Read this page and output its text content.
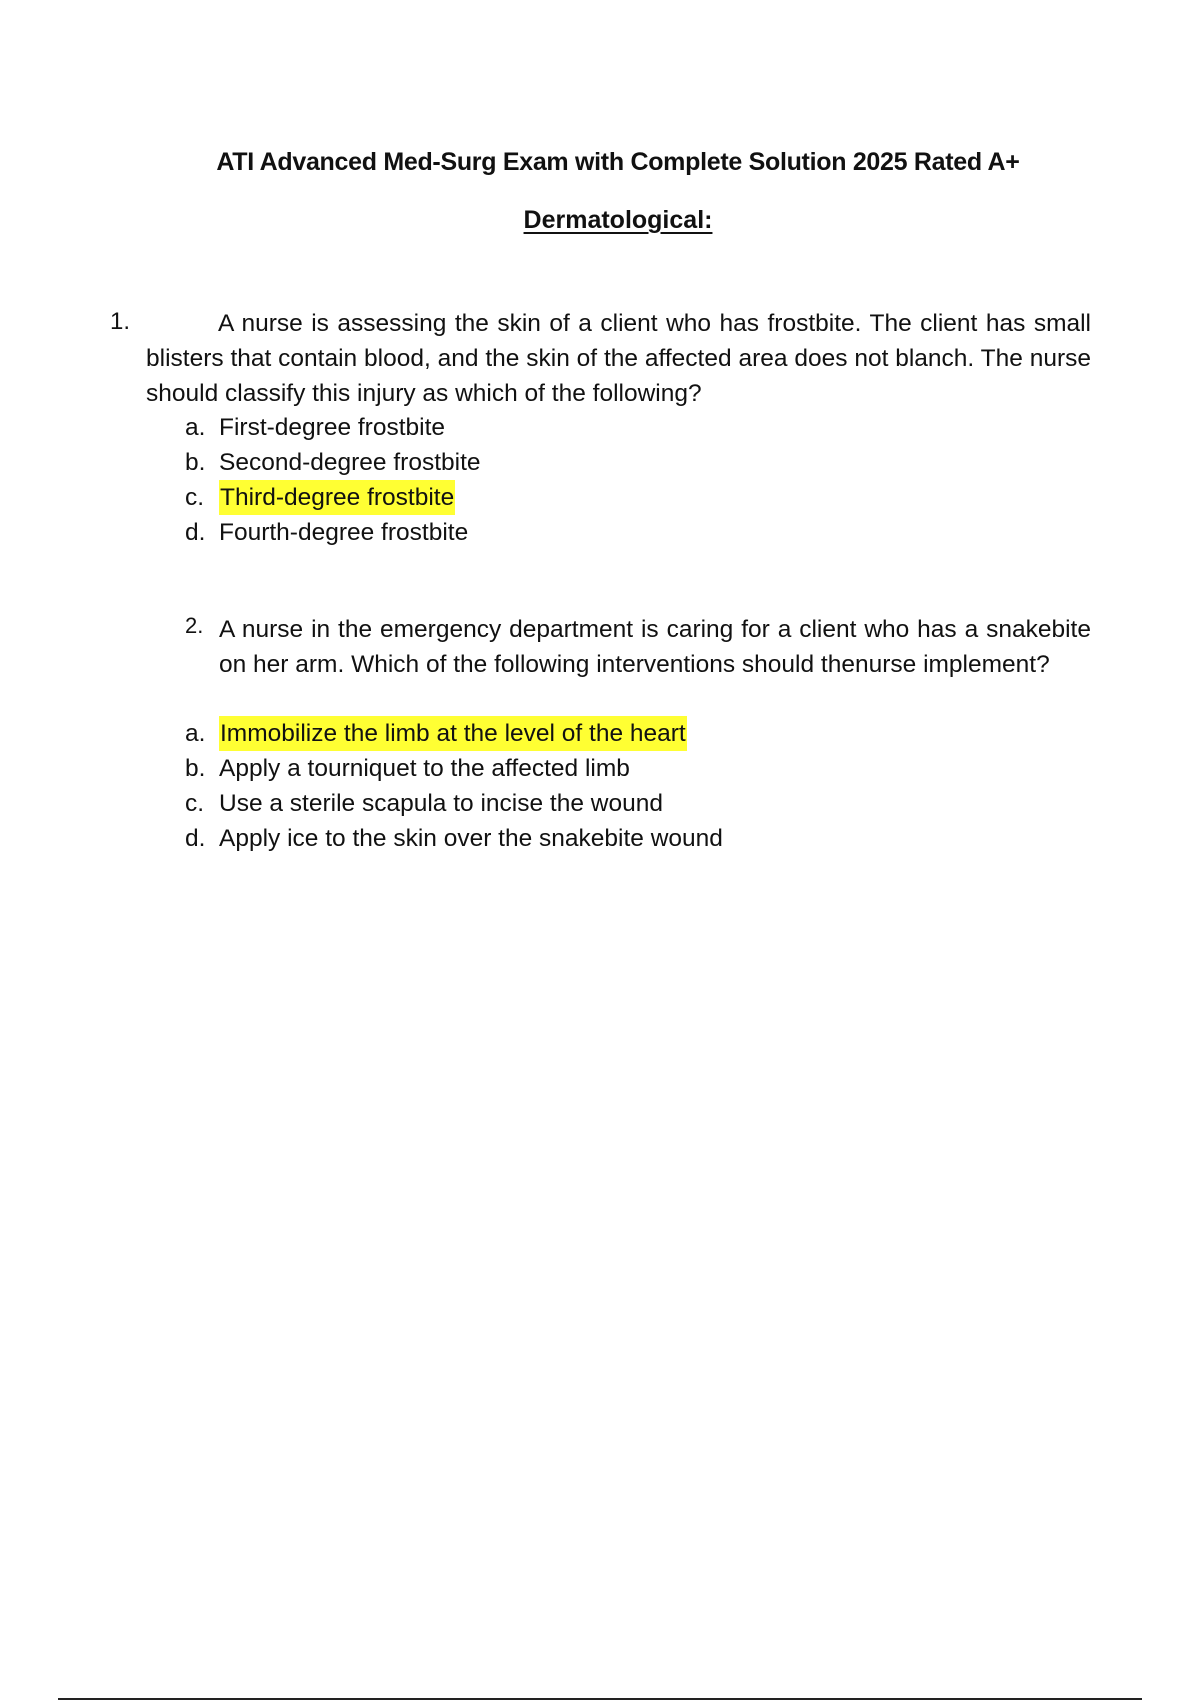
ATI Advanced Med-Surg Exam with Complete Solution 2025 Rated A+
Dermatological:
1.	A nurse is assessing the skin of a client who has frostbite. The client has small blisters that contain blood, and the skin of the affected area does not blanch. The nurse should classify this injury as which of the following?
a. First-degree frostbite
b. Second-degree frostbite
c. Third-degree frostbite
d. Fourth-degree frostbite
2. A nurse in the emergency department is caring for a client who has a snakebite on her arm. Which of the following interventions should thenurse implement?
a. Immobilize the limb at the level of the heart
b. Apply a tourniquet to the affected limb
c. Use a sterile scapula to incise the wound
d. Apply ice to the skin over the snakebite wound
